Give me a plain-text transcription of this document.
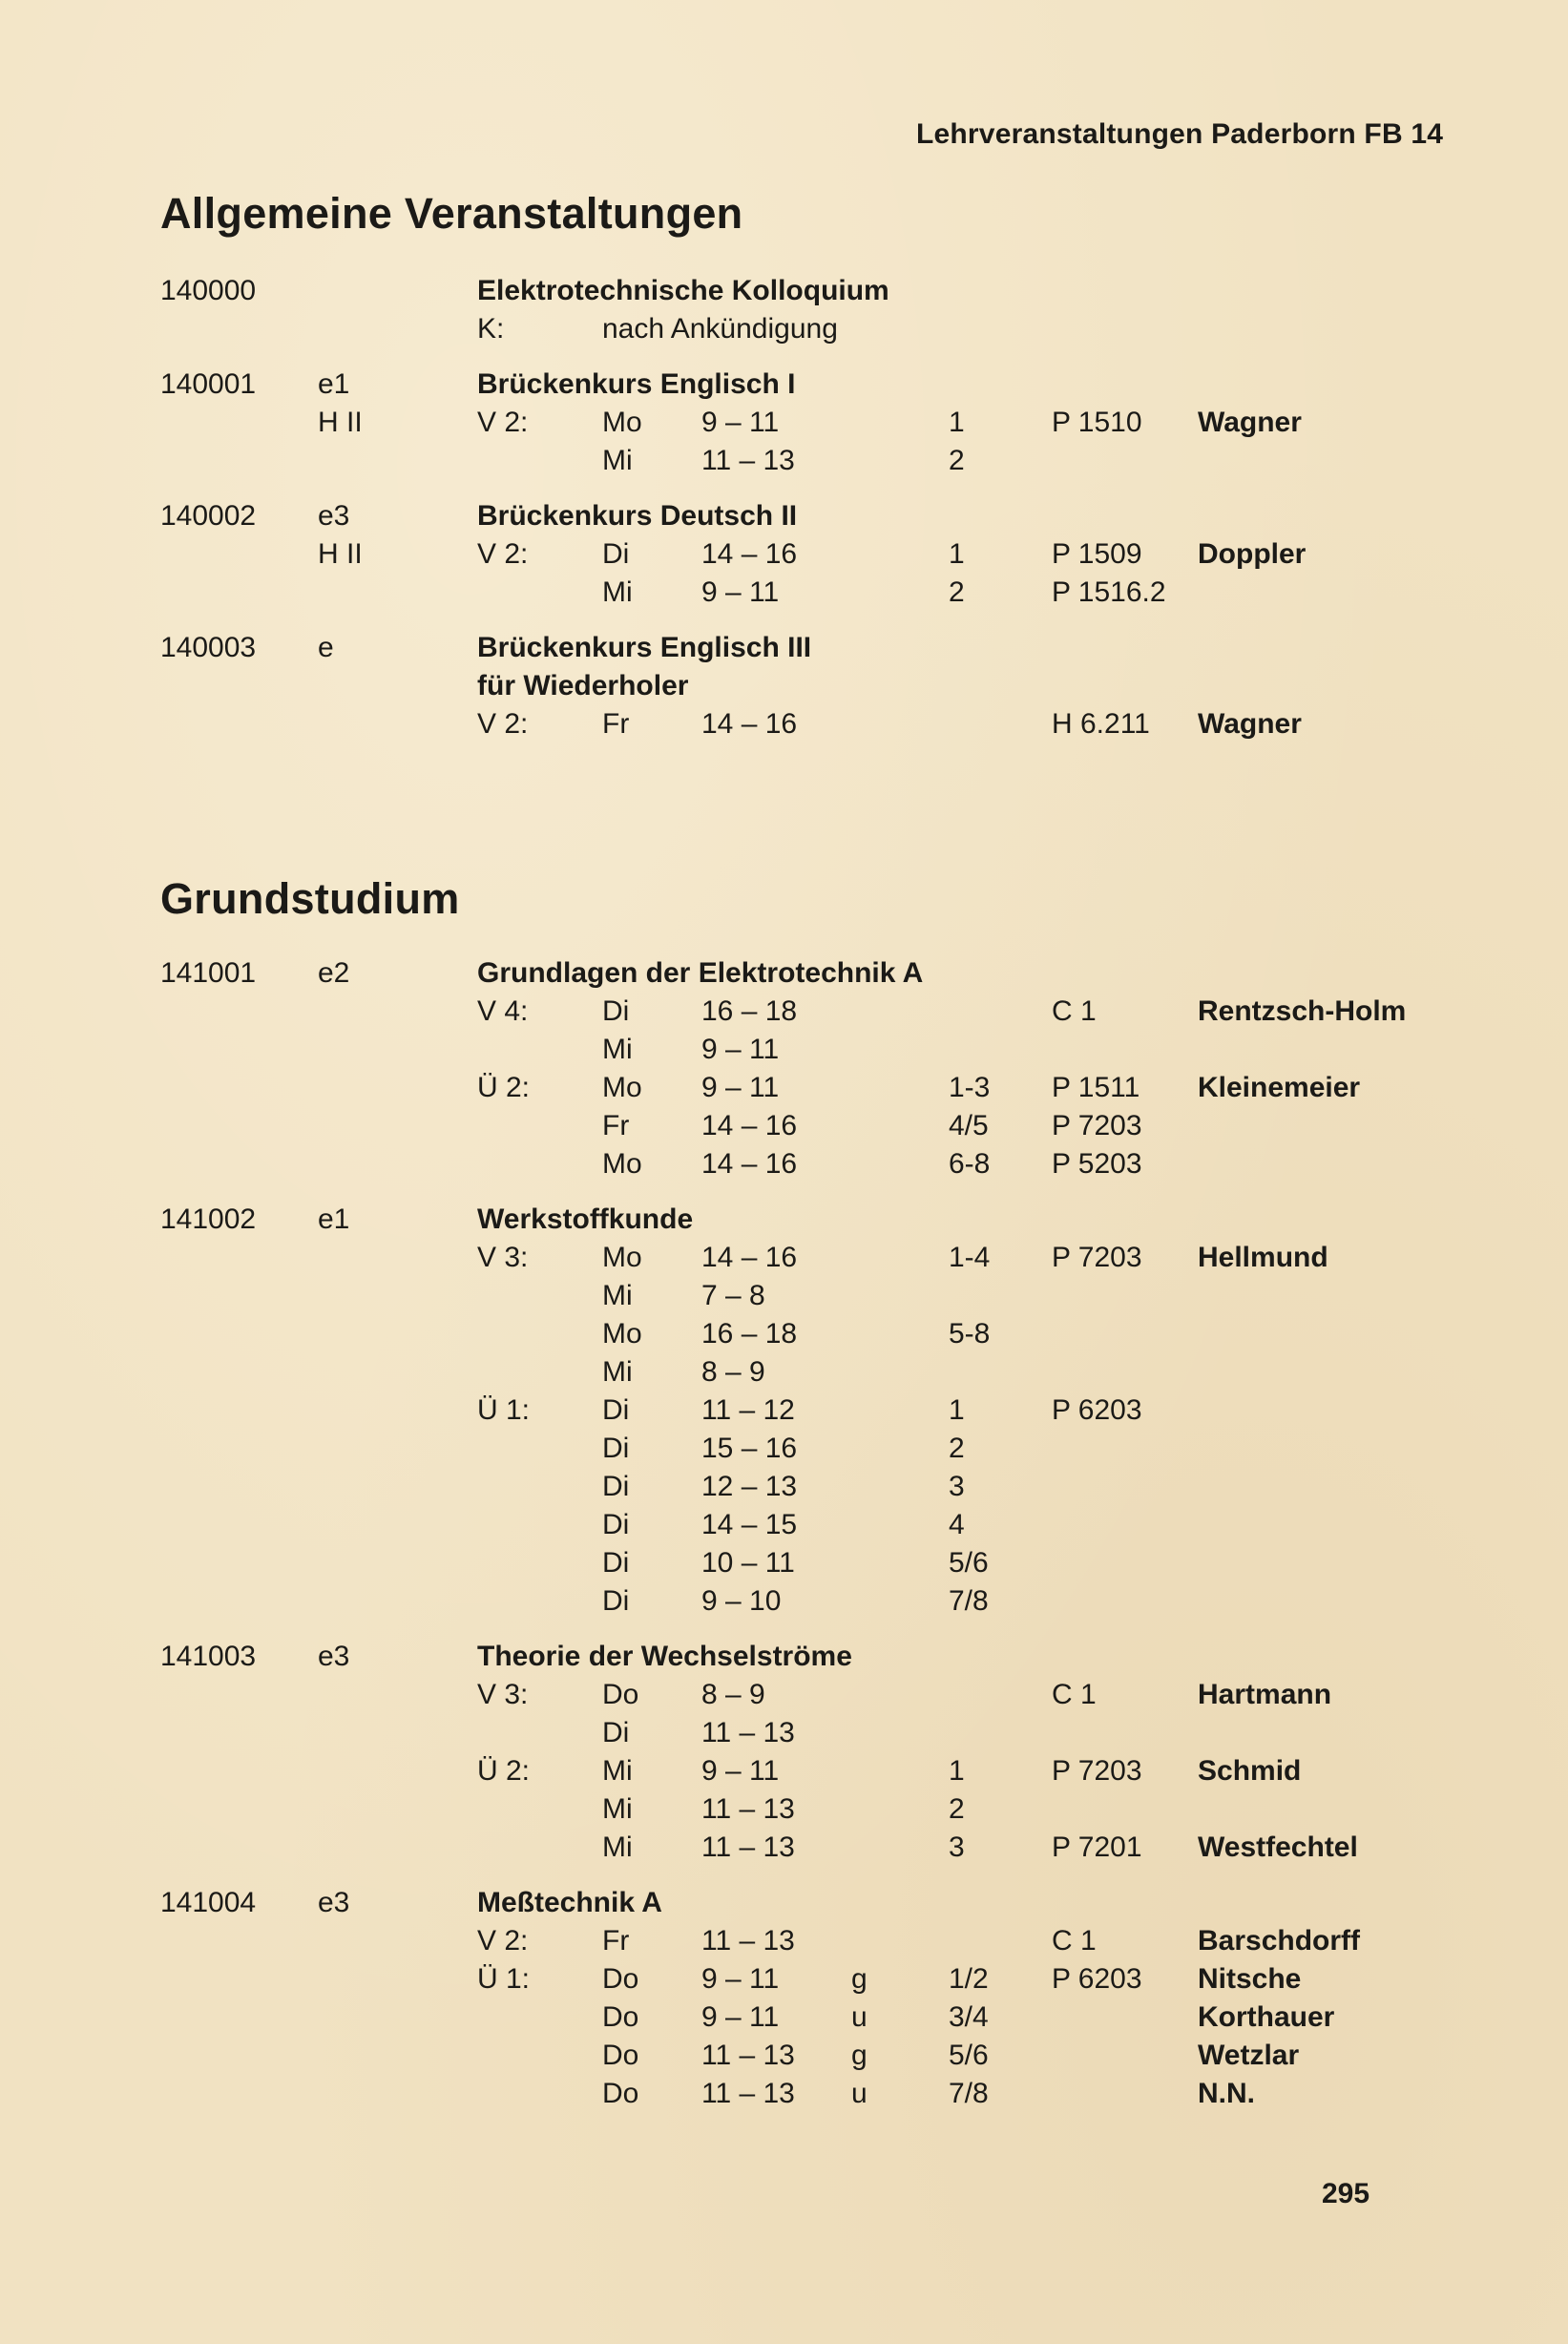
Lehrveranstaltungen Paderborn FB 14
Allgemeine Veranstaltungen
140000	Elektrotechnische Kolloquium
K:	nach Ankündigung
140001 e1	Brückenkurs Englisch I
H II	V 2:	Mo 9 – 11	1	P 1510 Wagner
Mi 11 – 13	2
140002 e3	Brückenkurs Deutsch II
H II	V 2:	Di	14 – 16	1	P 1509 Doppler
Mi 9 – 11	2	P 1516.2
140003 e	Brückenkurs Englisch III
für Wiederholer
V 2:	Fr	14 – 16	H 6.211 Wagner
Grundstudium
141001 e2	Grundlagen der Elektrotechnik A
V 4:	Di	16 – 18	C 1	Rentzsch-Holm
Mi 9 – 11
Ü 2:	Mo 9 – 11	1-3 P 1511 Kleinemeier
Fr	14 – 16	4/5 P 7203
Mo 14 – 16	6-8 P 5203
141002 e1	Werkstoffkunde
V 3:	Mo 14 – 16	1-4 P 7203 Hellmund
Mi 7 – 8
Mo 16 – 18	5-8
Mi 8 – 9
Ü 1:	Di	11 – 12	1	P 6203
Di	15 – 16	2
Di	12 – 13	3
Di	14 – 15	4
Di	10 – 11	5/6
Di	9 – 10	7/8
141003 e3	Theorie der Wechselströme
V 3:	Do 8 – 9	C 1	Hartmann
Di	11 – 13
Ü 2:	Mi 9 – 11	1	P 7203 Schmid
Mi 11 – 13	2
Mi 11 – 13	3	P 7201 Westfechtel
141004 e3	Meßtechnik A
V 2:	Fr	11 – 13	C 1	Barschdorff
Ü 1:	Do 9 – 11	g	1/2 P 6203 Nitsche
Do 9 – 11	u	3/4	Korthauer
Do 11 – 13 g	5/6	Wetzlar
Do 11 – 13 u	7/8	N.N.
295
